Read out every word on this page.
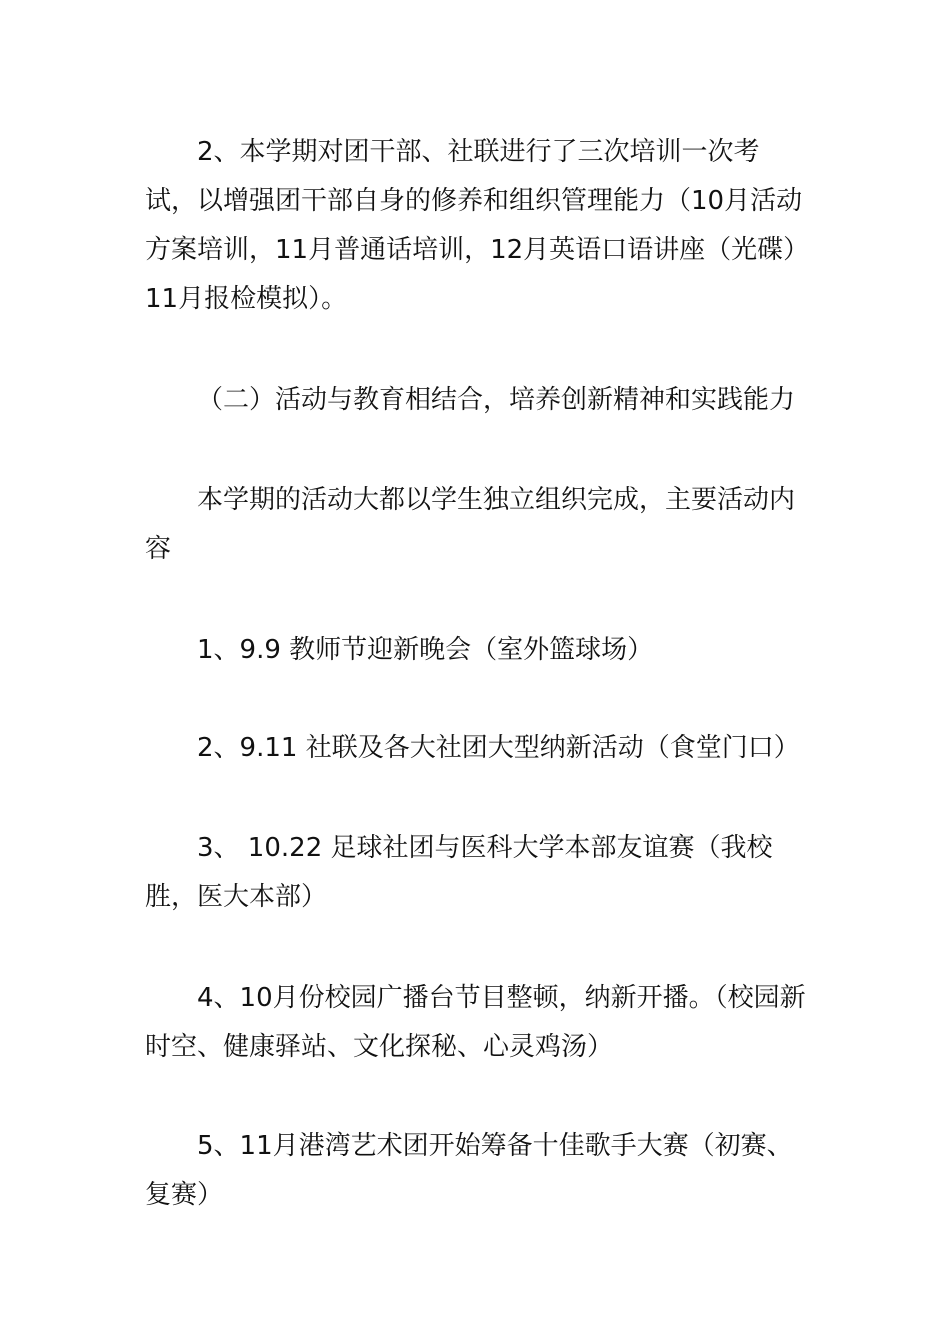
2、本学期对团干部、社联进行了三次培训一次考试，以增强团干部自身的修养和组织管理能力（10月活动方案培训，11月普通话培训，12月英语口语讲座（光碟）11月报检模拟）。

（二）活动与教育相结合，培养创新精神和实践能力

本学期的活动大都以学生独立组织完成，主要活动内容

1、9.9 教师节迎新晚会（室外篮球场）

2、9.11 社联及各大社团大型纳新活动（食堂门口）

3、 10.22 足球社团与医科大学本部友谊赛（我校胜，医大本部）

4、10月份校园广播台节目整顿，纳新开播。（校园新时空、健康驿站、文化探秘、心灵鸡汤）

5、11月港湾艺术团开始筹备十佳歌手大赛（初赛、复赛）
